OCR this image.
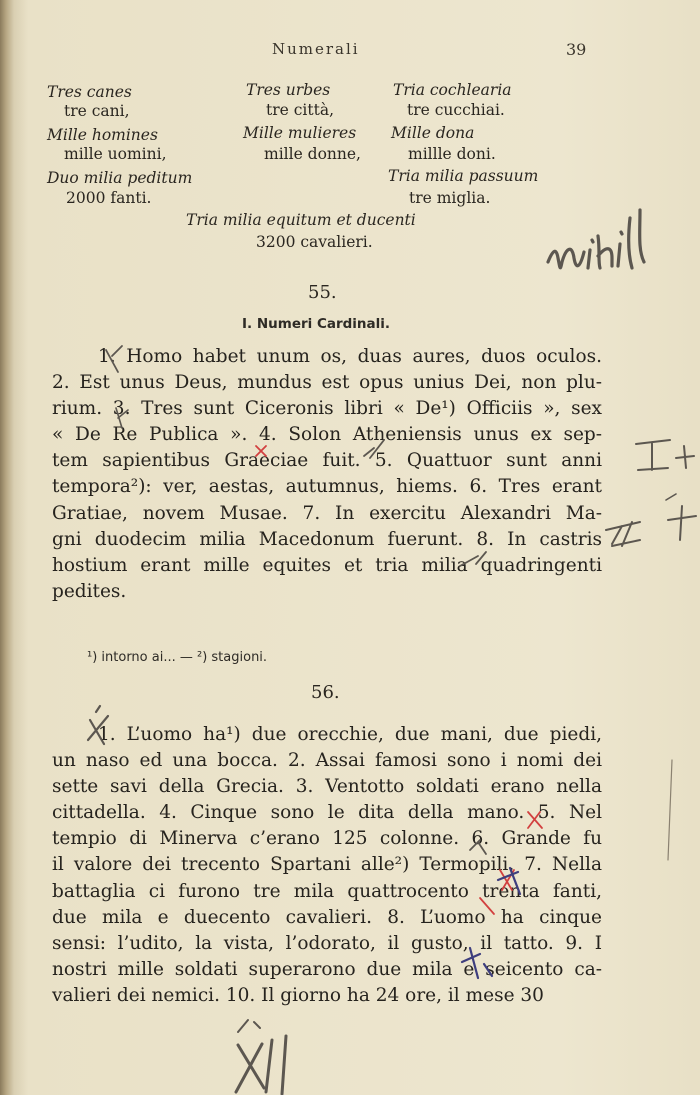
Numerali	39
Tres canes
tre cani,
Mille homines
mille uomini,
Duo milia peditum
2000 fanti.
Tres urbes
tre città,
Mille mulieres
mille donne,
Tria cochlearia
tre cucchiai.
Mille dona
millle doni.
Tria milia passuum
tre miglia.
Tria milia equitum et ducenti
3200 cavalieri.
55.
I. Numeri Cardinali.
1. Homo habet unum os, duas aures, duos oculos.
2. Est unus Deus, mundus est opus unius Dei, non plu-
rium. 3. Tres sunt Ciceronis libri « De¹) Officiis », sex
« De Re Publica ». 4. Solon Atheniensis unus ex sep-
tem sapientibus Graeciae fuit. 5. Quattuor sunt anni
tempora²): ver, aestas, autumnus, hiems. 6. Tres erant
Gratiae, novem Musae. 7. In exercitu Alexandri Ma-
gni duodecim milia Macedonum fuerunt. 8. In castris
hostium erant mille equites et tria milia quadringenti
pedites.
¹) intorno ai... — ²) stagioni.
56.
1. L’uomo ha¹) due orecchie, due mani, due piedi,
un naso ed una bocca. 2. Assai famosi sono i nomi dei
sette savi della Grecia. 3. Ventotto soldati erano nella
cittadella. 4. Cinque sono le dita della mano. 5. Nel
tempio di Minerva c’erano 125 colonne. 6. Grande fu
il valore dei trecento Spartani alle²) Termopili. 7. Nella
battaglia ci furono tre mila quattrocento trenta fanti,
due mila e duecento cavalieri. 8. L’uomo ha cinque
sensi: l’udito, la vista, l’odorato, il gusto, il tatto. 9. I
nostri mille soldati superarono due mila e seicento ca-
valieri dei nemici. 10. Il giorno ha 24 ore, il mese 30
